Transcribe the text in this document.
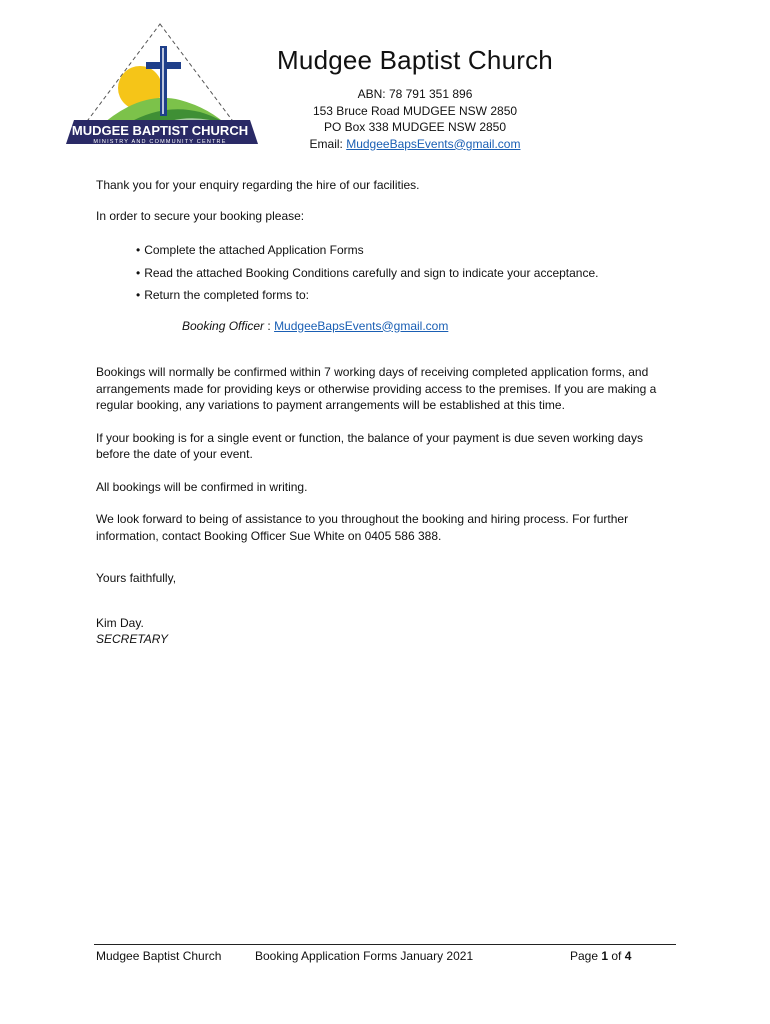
MUDGEE BAPTIST CHURCH
MINISTRY AND COMMUNITY CENTRE
Mudgee Baptist Church
ABN: 78 791 351 896
153 Bruce Road MUDGEE NSW 2850
PO Box 338 MUDGEE NSW 2850
Email: MudgeeBapsEvents@gmail.com

Thank you for your enquiry regarding the hire of our facilities.

In order to secure your booking please:

• Complete the attached Application Forms
• Read the attached Booking Conditions carefully and sign to indicate your acceptance.
• Return the completed forms to:
Booking Officer : MudgeeBapsEvents@gmail.com

Bookings will normally be confirmed within 7 working days of receiving completed application forms, and arrangements made for providing keys or otherwise providing access to the premises. If you are making a regular booking, any variations to payment arrangements will be established at this time.

If your booking is for a single event or function, the balance of your payment is due seven working days before the date of your event.

All bookings will be confirmed in writing.

We look forward to being of assistance to you throughout the booking and hiring process. For further information, contact Booking Officer Sue White on 0405 586 388.

Yours faithfully,

Kim Day.

SECRETARY

Mudgee Baptist Church	Booking Application Forms January 2021	Page 1 of 4
